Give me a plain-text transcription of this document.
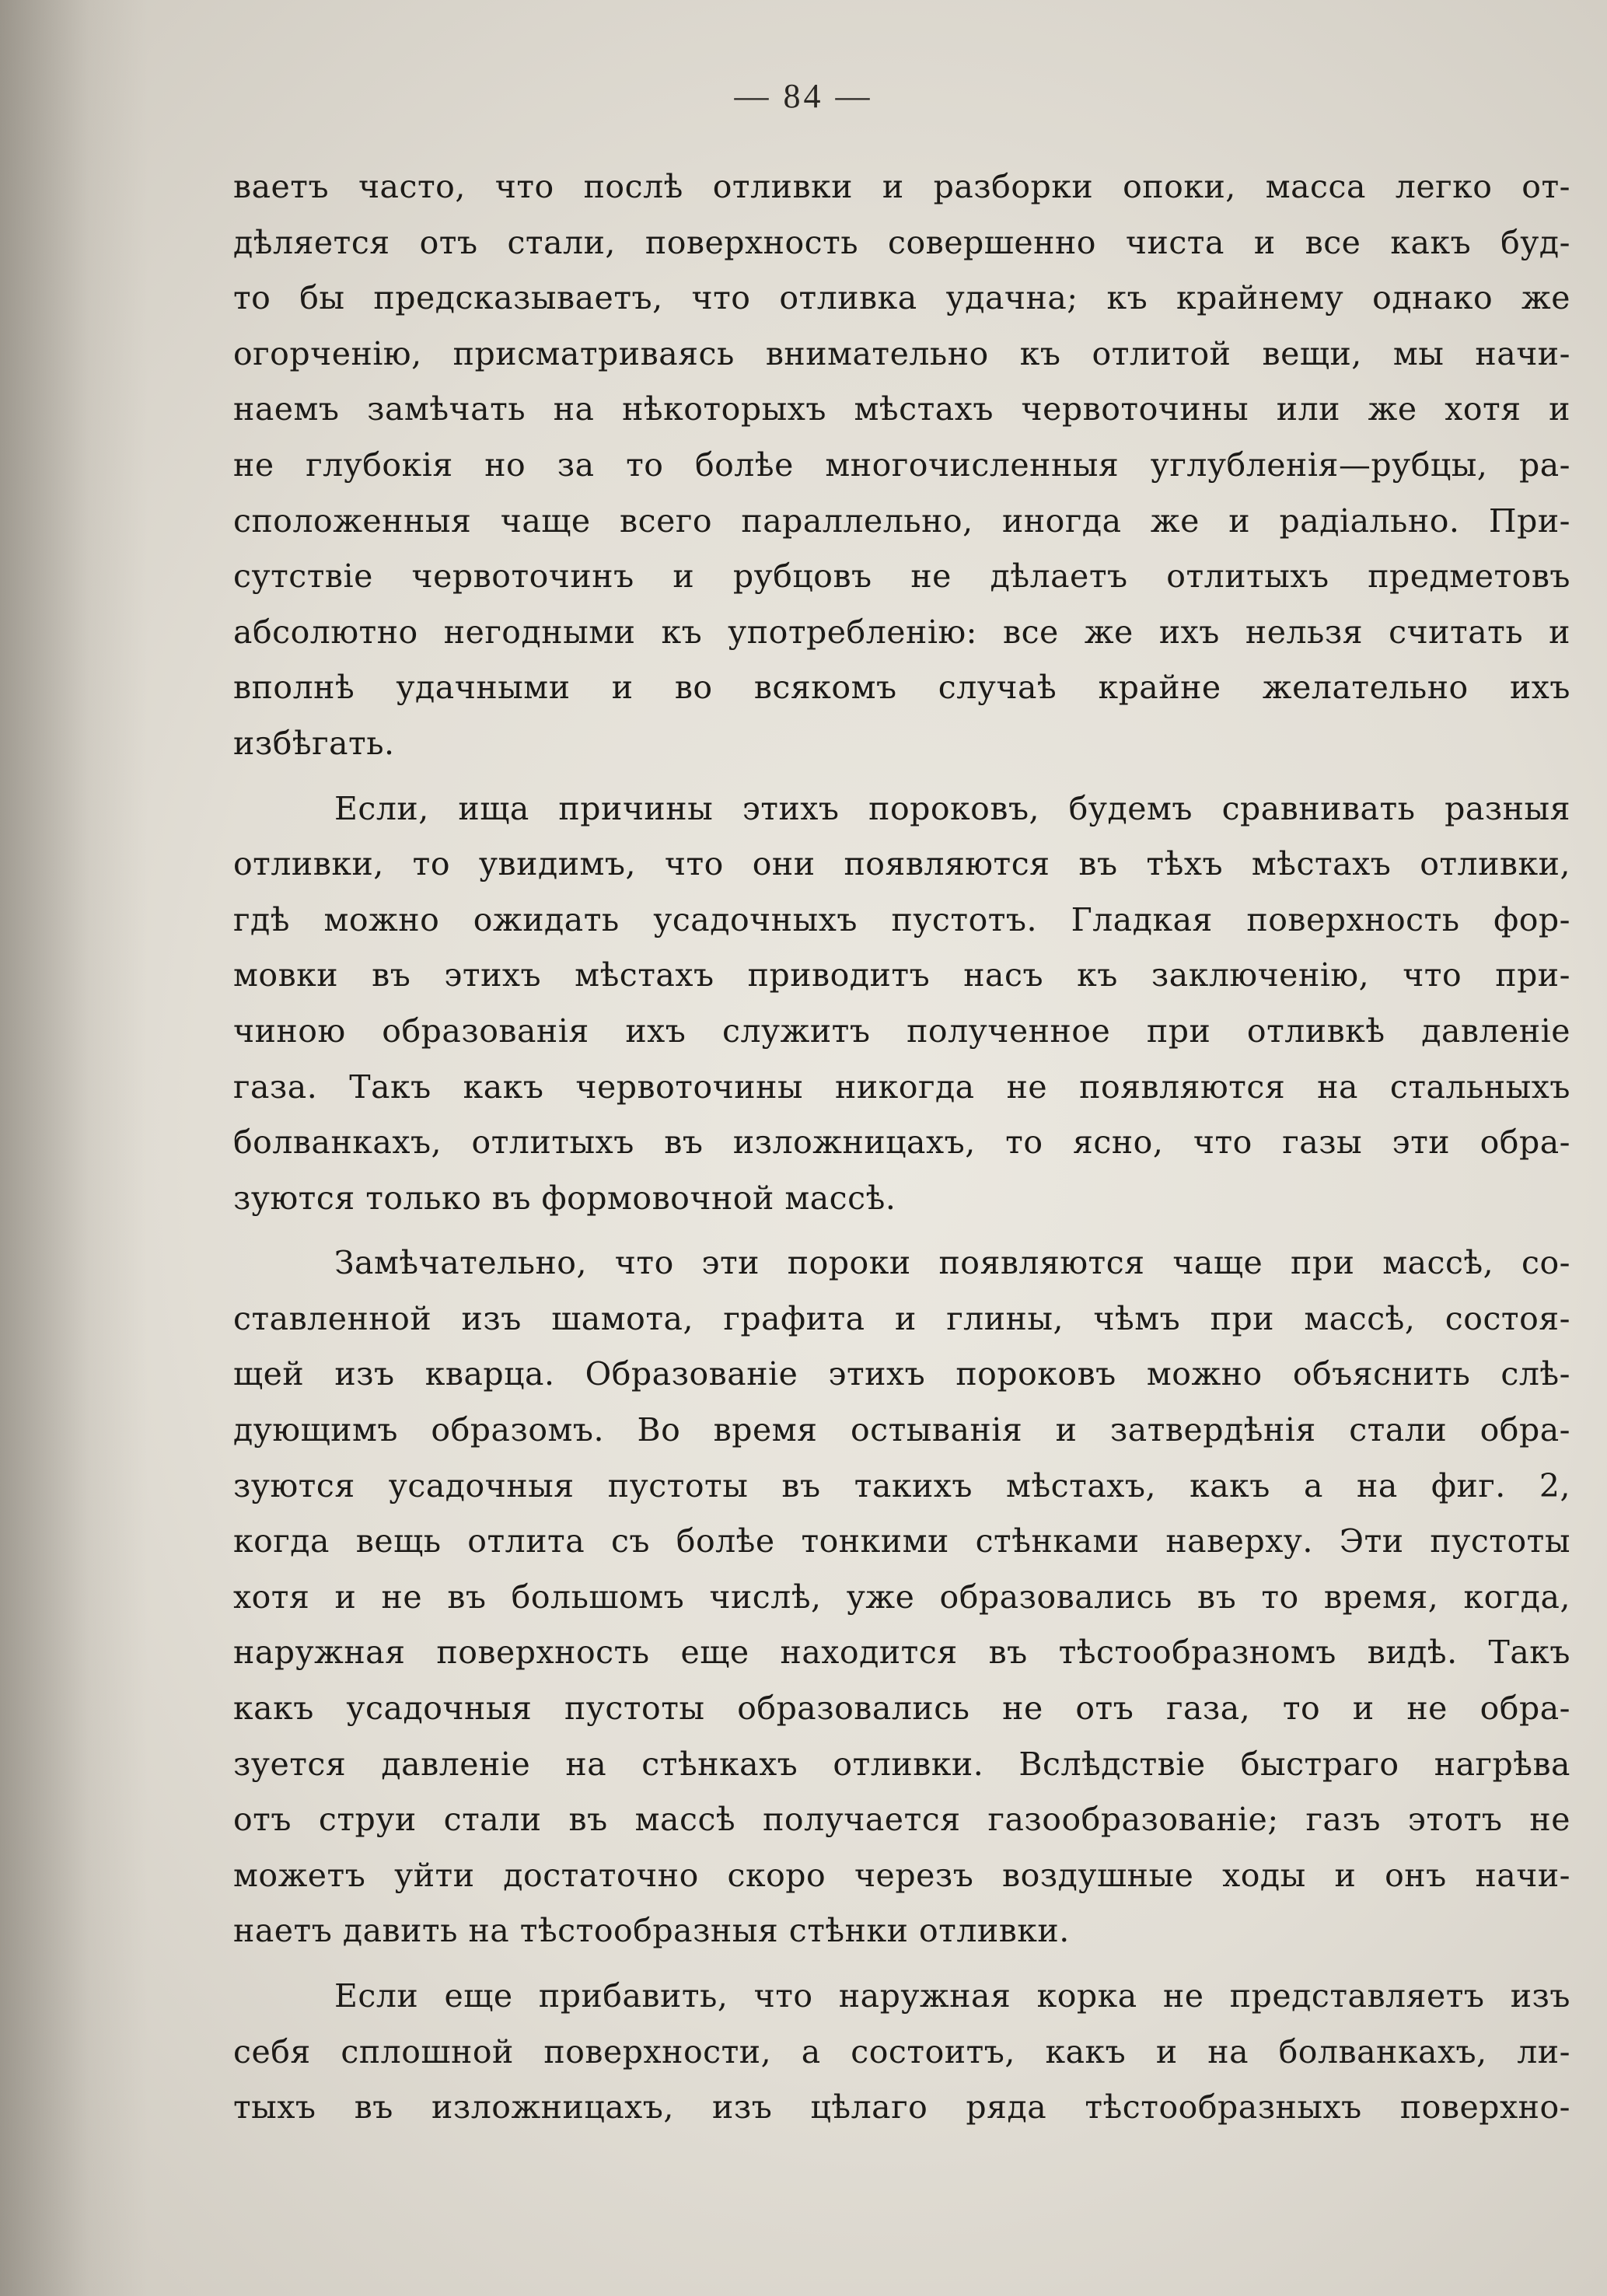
— 84 —
ваетъ часто, что послѣ отливки и разборки опоки, масса легко от-
дѣляется отъ стали, поверхность совершенно чиста и все какъ буд-
то бы предсказываетъ, что отливка удачна; къ крайнему однако же
огорченію, присматриваясь внимательно къ отлитой вещи, мы начи-
наемъ замѣчать на нѣкоторыхъ мѣстахъ червоточины или же хотя и
не глубокія но за то болѣе многочисленныя углубленія—рубцы, ра-
сположенныя чаще всего параллельно, иногда же и радіально. При-
сутствіе червоточинъ и рубцовъ не дѣлаетъ отлитыхъ предметовъ
абсолютно негодными къ употребленію: все же ихъ нельзя считать и
вполнѣ удачными и во всякомъ случаѣ крайне желательно ихъ
избѣгать.
Если, ища причины этихъ пороковъ, будемъ сравнивать разныя
отливки, то увидимъ, что они появляются въ тѣхъ мѣстахъ отливки,
гдѣ можно ожидать усадочныхъ пустотъ. Гладкая поверхность фор-
мовки въ этихъ мѣстахъ приводитъ насъ къ заключенію, что при-
чиною образованія ихъ служитъ полученное при отливкѣ давленіе
газа. Такъ какъ червоточины никогда не появляются на стальныхъ
болванкахъ, отлитыхъ въ изложницахъ, то ясно, что газы эти обра-
зуются только въ формовочной массѣ.
Замѣчательно, что эти пороки появляются чаще при массѣ, со-
ставленной изъ шамота, графита и глины, чѣмъ при массѣ, состоя-
щей изъ кварца. Образованіе этихъ пороковъ можно объяснить слѣ-
дующимъ образомъ. Во время остыванія и затвердѣнія стали обра-
зуются усадочныя пустоты въ такихъ мѣстахъ, какъ а на фиг. 2,
когда вещь отлита съ болѣе тонкими стѣнками наверху. Эти пустоты
хотя и не въ большомъ числѣ, уже образовались въ то время, когда,
наружная поверхность еще находится въ тѣстообразномъ видѣ. Такъ
какъ усадочныя пустоты образовались не отъ газа, то и не обра-
зуется давленіе на стѣнкахъ отливки. Вслѣдствіе быстраго нагрѣва
отъ струи стали въ массѣ получается газообразованіе; газъ этотъ не
можетъ уйти достаточно скоро черезъ воздушные ходы и онъ начи-
наетъ давить на тѣстообразныя стѣнки отливки.
Если еще прибавить, что наружная корка не представляетъ изъ
себя сплошной поверхности, а состоитъ, какъ и на болванкахъ, ли-
тыхъ въ изложницахъ, изъ цѣлаго ряда тѣстообразныхъ поверхно-
